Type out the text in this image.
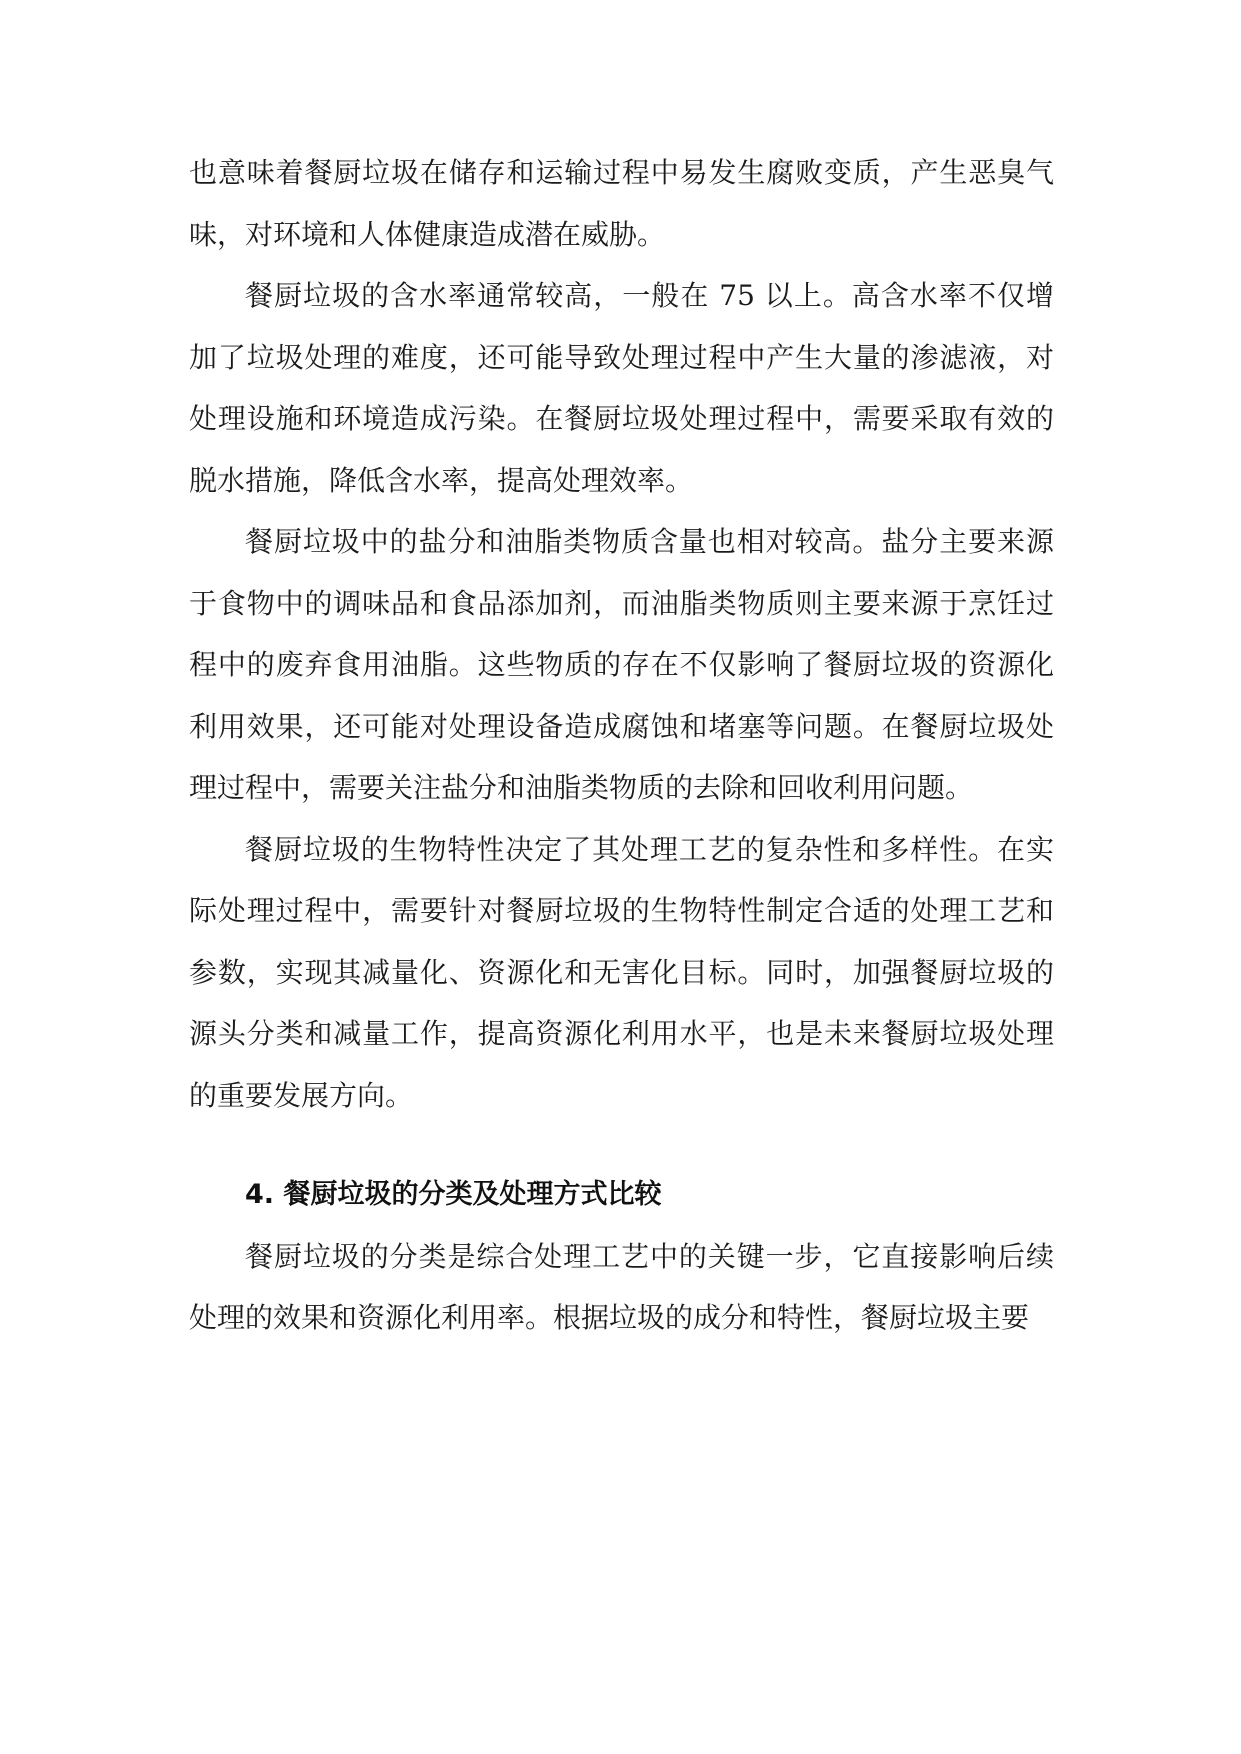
也意味着餐厨垃圾在储存和运输过程中易发生腐败变质，产生恶臭气味，对环境和人体健康造成潜在威胁。

餐厨垃圾的含水率通常较高，一般在 75 以上。高含水率不仅增加了垃圾处理的难度，还可能导致处理过程中产生大量的渗滤液，对处理设施和环境造成污染。在餐厨垃圾处理过程中，需要采取有效的脱水措施，降低含水率，提高处理效率。

餐厨垃圾中的盐分和油脂类物质含量也相对较高。盐分主要来源于食物中的调味品和食品添加剂，而油脂类物质则主要来源于烹饪过程中的废弃食用油脂。这些物质的存在不仅影响了餐厨垃圾的资源化利用效果，还可能对处理设备造成腐蚀和堵塞等问题。在餐厨垃圾处理过程中，需要关注盐分和油脂类物质的去除和回收利用问题。

餐厨垃圾的生物特性决定了其处理工艺的复杂性和多样性。在实际处理过程中，需要针对餐厨垃圾的生物特性制定合适的处理工艺和参数，实现其减量化、资源化和无害化目标。同时，加强餐厨垃圾的源头分类和减量工作，提高资源化利用水平，也是未来餐厨垃圾处理的重要发展方向。

4. 餐厨垃圾的分类及处理方式比较

餐厨垃圾的分类是综合处理工艺中的关键一步，它直接影响后续处理的效果和资源化利用率。根据垃圾的成分和特性，餐厨垃圾主要
